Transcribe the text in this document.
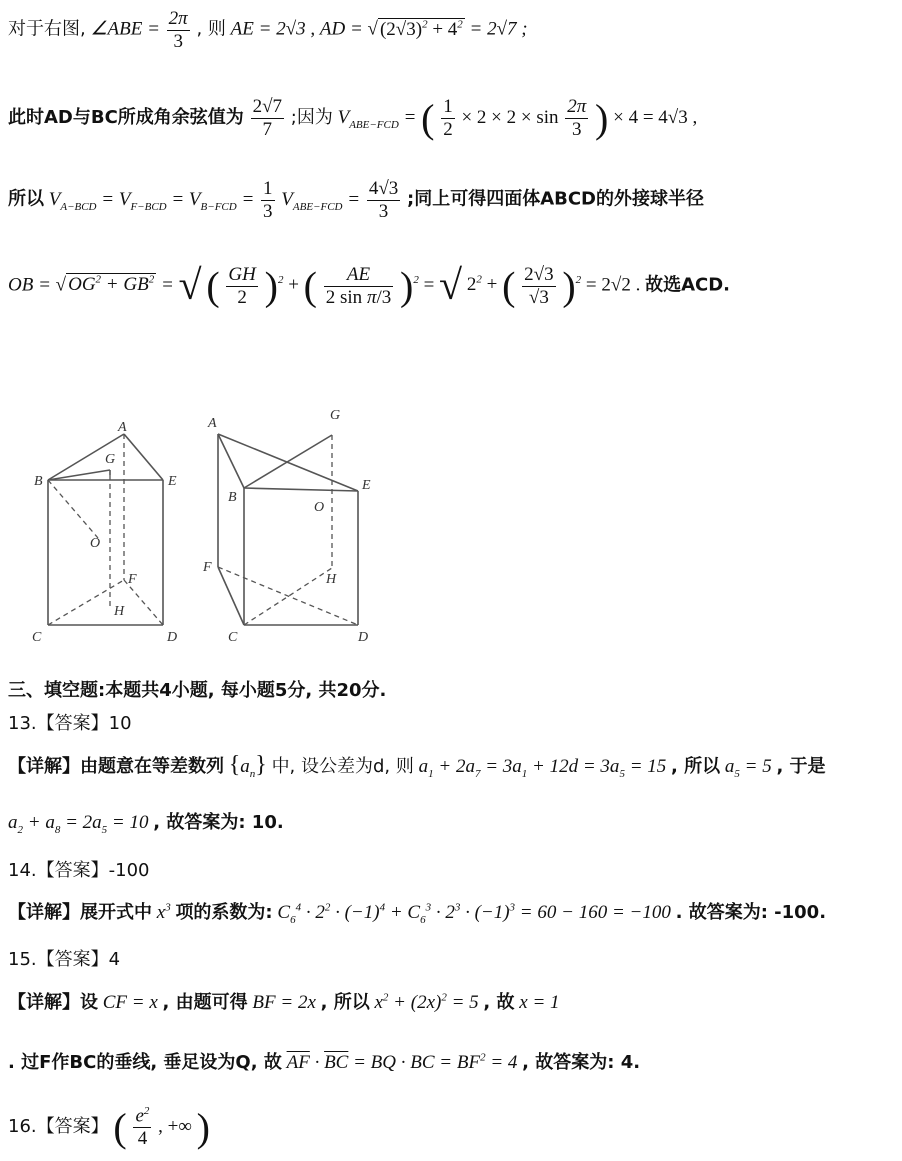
对于右图, ∠ABE = $\frac{2\pi}{3}$ , 则 AE = 2√3 , AD = √ $(2√3)^2 + 4^2 = 2√7$ ;
此时AD与BC所成角余弦值为 $\frac{2√7}{7}$ ;因为 $V_{ABE-FCD}$ = ( $\frac{1}{2} \times 2 \times 2 \times \sin \frac{2\pi}{3}$ ) × 4 = 4√3 ,
所以 $V_{A-BCD} = V_{F-BCD} = V_{B-FCD} = \frac{1}{3} V_{ABE-FCD} = \frac{4√3}{3}$ ;同上可得四面体ABCD的外接球半径
OB = √ $OG^2 + GB^2$ = √ ( $\frac{GH}{2} )^2$ + ( $\frac{AE}{\text{2 sin π/3}} )^2$ = √ $2^2$ + ( $\frac{2√3}{√3} )^2 = 2√2$ . 故选ACD.
A
G
B	E
O
F
H
C	D
A
G
B
E
O
F
H
C	D
三、填空题:本题共4小题, 每小题5分, 共20分.
13.【答案】10
【详解】由题意在等差数列 $\{a_n\}$ 中, 设公差为d, 则 $a_1 + 2a_7 = 3a_1 + 12d = 3a_5 = 15$ , 所以 $a_5 = 5$ , 于是
$a_2 + a_8 = 2a_5 = 10$ , 故答案为: 10.
14.【答案】-100
【详解】展开式中 $x^3$ 项的系数为: $C_6^4 \cdot 2^2 \cdot (-1)^4 + C_6^3 \cdot 2^3 \cdot (-1)^3 = 60 - 160 = -100$ . 故答案为: -100.
15.【答案】4
【详解】设 CF = x , 由题可得 BF = 2x , 所以 $x^2 + (2x)^2 = 5$ , 故 x = 1
. 过F作BC的垂线, 垂足设为Q, 故 $\overline{AF} \cdot \overline{BC}$ = BQ · BC = $BF^2 = 4$ , 故答案为: 4.
16.【答案】 ( $\frac{e^2}{4}$ , +∞ )
